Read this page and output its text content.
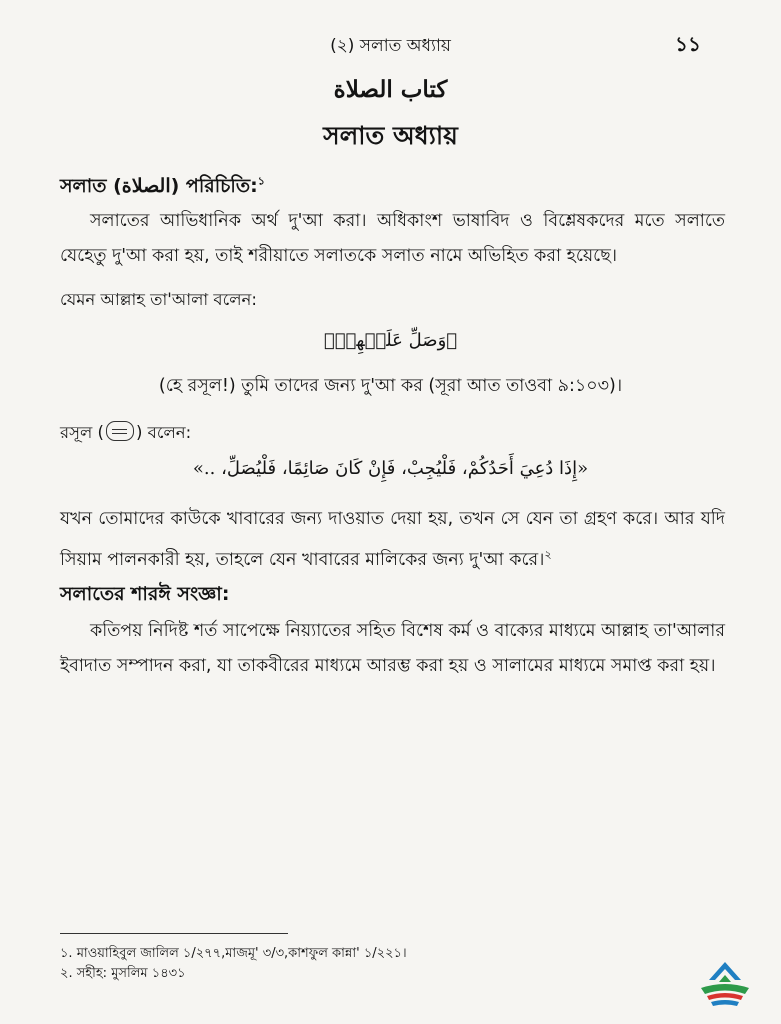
(২) সলাত অধ্যায়	১১
كتاب الصلاة
সলাত অধ্যায়
সলাত (الصلاة) পরিচিতি:$^১$
সলাতের আভিধানিক অর্থ দু'আ করা। অধিকাংশ ভাষাবিদ ও বিশ্লেষকদের মতে সলাতে যেহেতু দু'আ করা হয়, তাই শরীয়াতে সলাতকে সলাত নামে অভিহিত করা হয়েছে।
যেমন আল্লাহ তা'আলা বলেন:
﴿وَصَلِّ عَلَيۡهِمۡ﴾
(হে রসূল!) তুমি তাদের জন্য দু'আ কর (সূরা আত তাওবা ৯:১০৩)।
রসূল ( ) বলেন:
«إِذَا دُعِيَ أَحَدُكُمْ، فَلْيُجِبْ، فَإِنْ كَانَ صَائِمًا، فَلْيُصَلِّ، ..»
যখন তোমাদের কাউকে খাবারের জন্য দাওয়াত দেয়া হয়, তখন সে যেন তা গ্রহণ করে। আর যদি সিয়াম পালনকারী হয়, তাহলে যেন খাবারের মালিকের জন্য দু'আ করে।$^২$
সলাতের শারঈ সংজ্ঞা:
কতিপয় নিদিষ্ট শর্ত সাপেক্ষে নিয়্যাতের সহিত বিশেষ কর্ম ও বাক্যের মাধ্যমে আল্লাহ তা'আলার ইবাদাত সম্পাদন করা, যা তাকবীরের মাধ্যমে আরম্ভ করা হয় ও সালামের মাধ্যমে সমাপ্ত করা হয়।
১. মাওয়াহিবুল জালিল ১/২৭৭,মাজমূ' ৩/৩,কাশফুল কান্না' ১/২২১।
২. সহীহ: মুসলিম ১৪৩১
